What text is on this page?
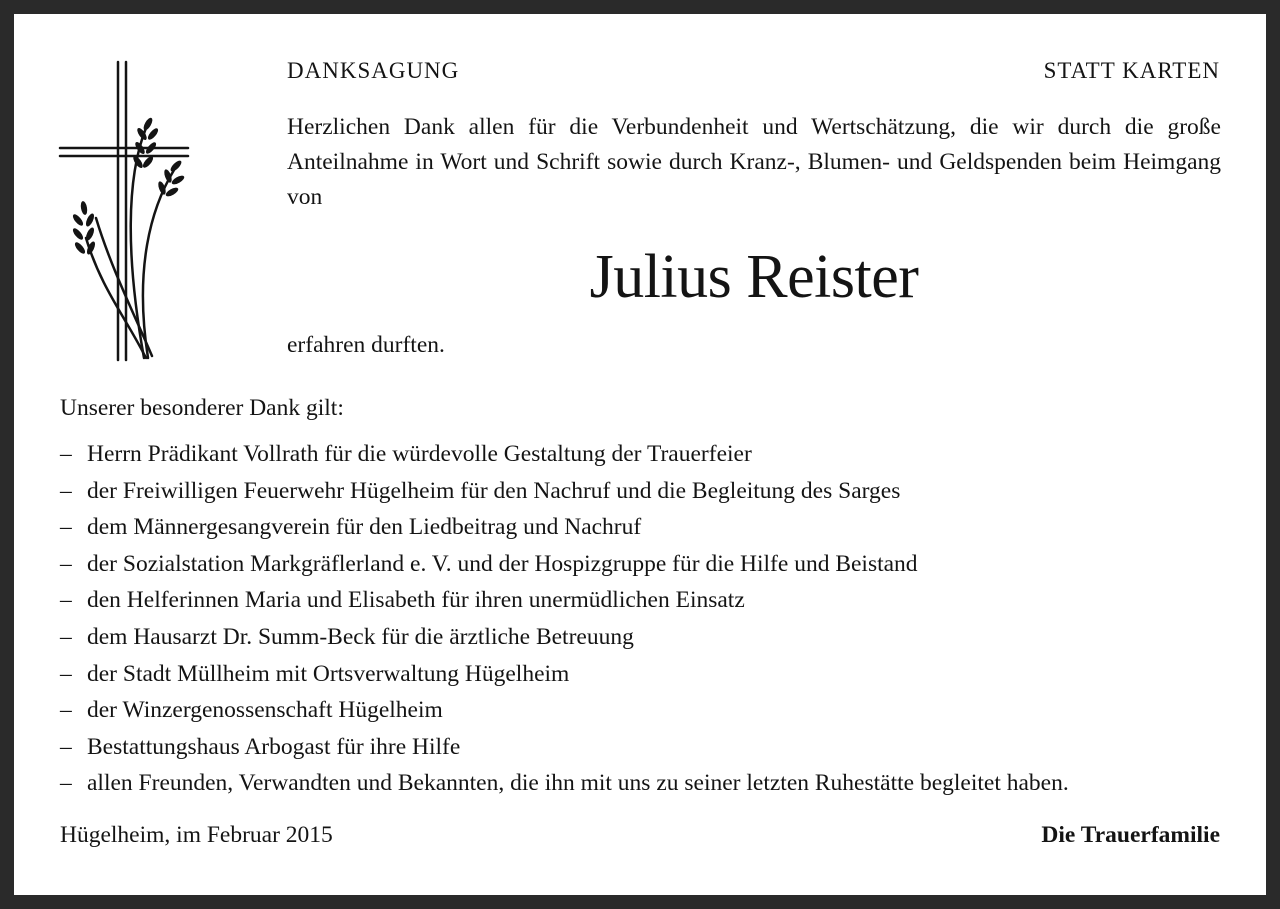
DANKSAGUNG	STATT KARTEN
Herzlichen Dank allen für die Verbundenheit und Wertschätzung, die wir durch die große Anteilnahme in Wort und Schrift sowie durch Kranz-, Blumen- und Geldspenden beim Heimgang von
Julius Reister
erfahren durften.
Unserer besonderer Dank gilt:
– Herrn Prädikant Vollrath für die würdevolle Gestaltung der Trauerfeier
– der Freiwilligen Feuerwehr Hügelheim für den Nachruf und die Begleitung des Sarges
– dem Männergesangverein für den Liedbeitrag und Nachruf
– der Sozialstation Markgräflerland e. V. und der Hospizgruppe für die Hilfe und Beistand
– den Helferinnen Maria und Elisabeth für ihren unermüdlichen Einsatz
– dem Hausarzt Dr. Summ-Beck für die ärztliche Betreuung
– der Stadt Müllheim mit Ortsverwaltung Hügelheim
– der Winzergenossenschaft Hügelheim
– Bestattungshaus Arbogast für ihre Hilfe
– allen Freunden, Verwandten und Bekannten, die ihn mit uns zu seiner letzten Ruhestätte begleitet haben.
Hügelheim, im Februar 2015	Die Trauerfamilie
